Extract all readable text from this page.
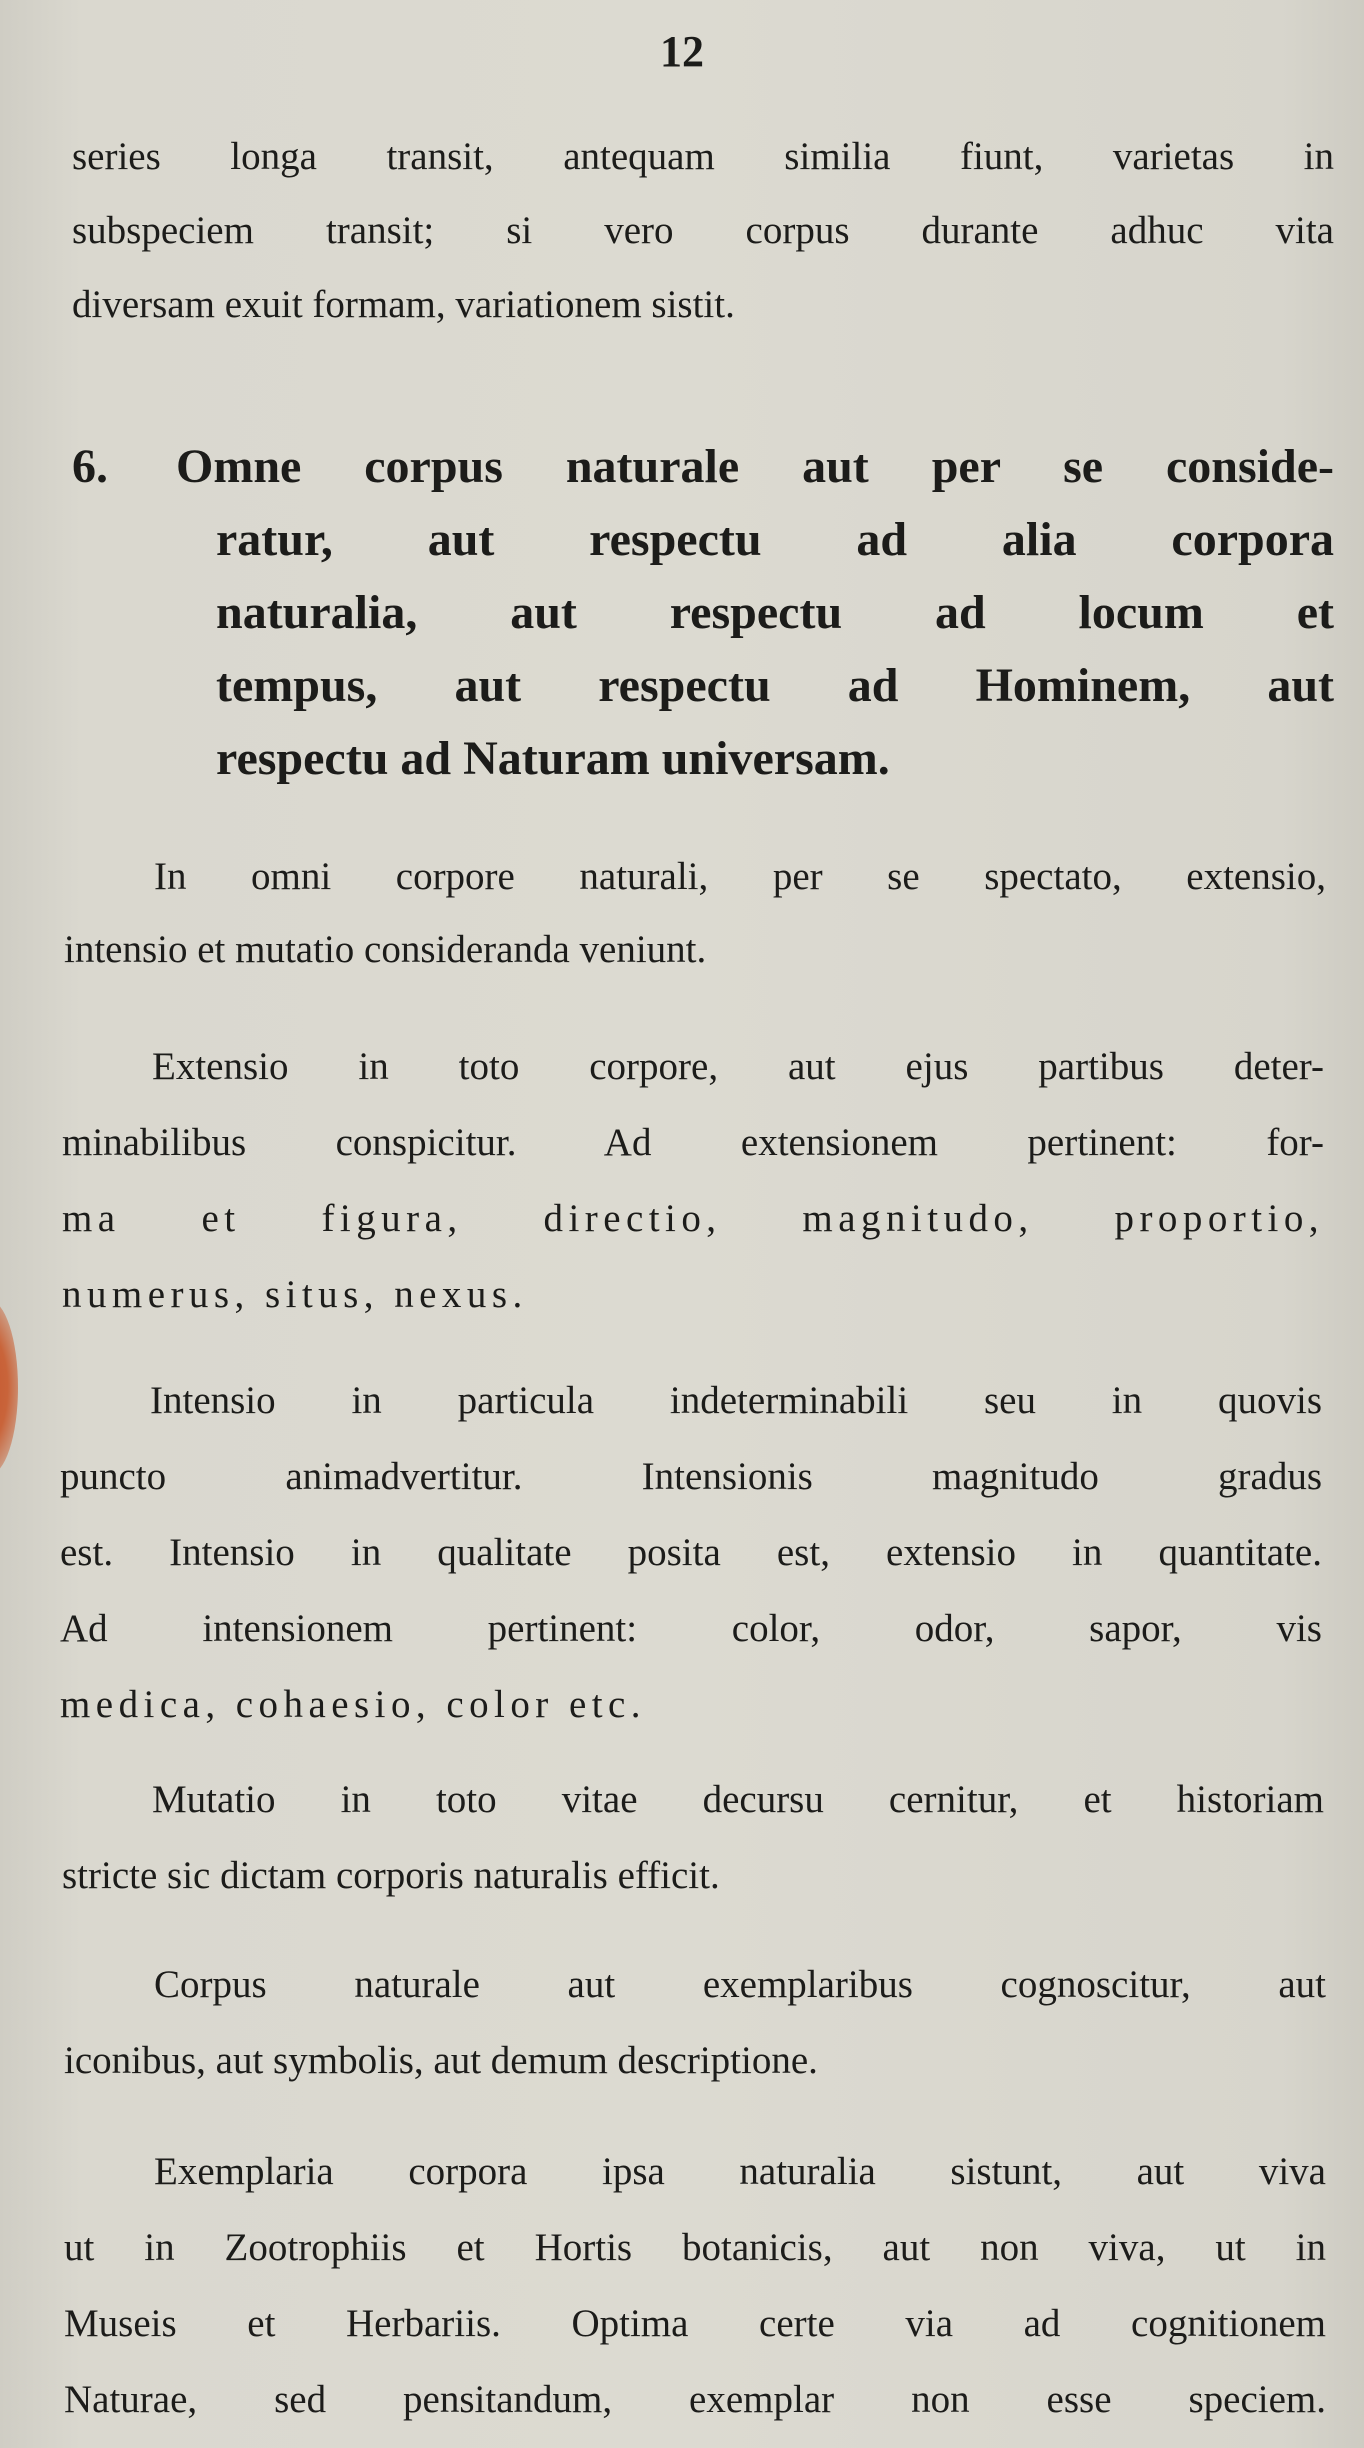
12
series longa transit, antequam similia fiunt, varietas in
subspeciem transit; si vero corpus durante adhuc vita
diversam exuit formam, variationem sistit.
6. Omne corpus naturale aut per se conside-
ratur, aut respectu ad alia corpora
naturalia, aut respectu ad locum et
tempus, aut respectu ad Hominem, aut
respectu ad Naturam universam.
In omni corpore naturali, per se spectato, extensio,
intensio et mutatio consideranda veniunt.
Extensio in toto corpore, aut ejus partibus deter-
minabilibus conspicitur. Ad extensionem pertinent: for-
ma et figura, directio, magnitudo, proportio,
numerus, situs, nexus.
Intensio in particula indeterminabili seu in quovis
puncto animadvertitur. Intensionis magnitudo gradus
est. Intensio in qualitate posita est, extensio in quantitate.
Ad intensionem pertinent: color, odor, sapor, vis
medica, cohaesio, color etc.
Mutatio in toto vitae decursu cernitur, et historiam
stricte sic dictam corporis naturalis efficit.
Corpus naturale aut exemplaribus cognoscitur, aut
iconibus, aut symbolis, aut demum descriptione.
Exemplaria corpora ipsa naturalia sistunt, aut viva
ut in Zootrophiis et Hortis botanicis, aut non viva, ut in
Museis et Herbariis. Optima certe via ad cognitionem
Naturae, sed pensitandum, exemplar non esse speciem.
